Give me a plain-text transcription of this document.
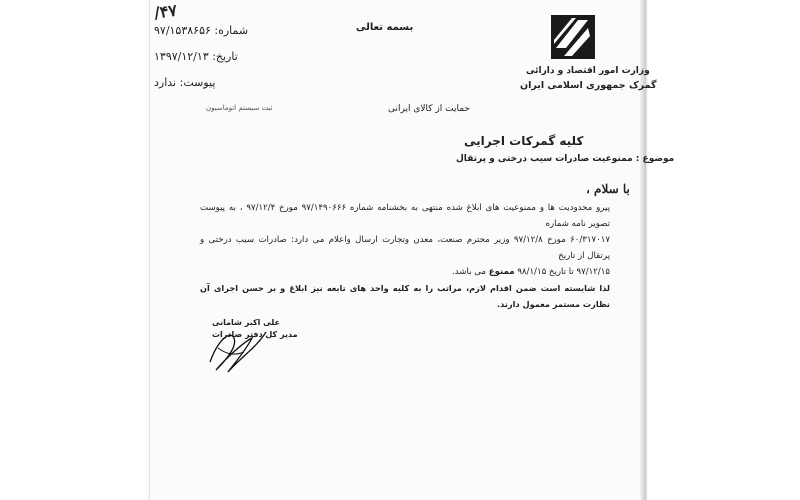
بسمه تعالی
وزارت امور اقتصاد و دارائی
گمرک جمهوری اسلامی ایران
۴۷/
شماره: ۹۷/۱۵۳۸۶۵۶
تاریخ: ۱۳۹۷/۱۲/۱۳
پیوست: ندارد
ثبت سیستم اتوماسیون	حمایت از کالای ایرانی
کلیه گمرکات اجرایی
موضوع : ممنوعیت صادرات سیب درختی و پرتقال
با سلام ،

پیرو محدودیت ها و ممنوعیت های ابلاغ شده منتهی به بخشنامه شماره ۹۷/۱۴۹۰۶۶۶ مورخ ۹۷/۱۲/۴ ، به پیوست تصویر نامه شماره

۶۰/۳۱۷۰۱۷ مورخ ۹۷/۱۲/۸ وزیر محترم صنعت، معدن وتجارت ارسال واعلام می دارد: صادرات سیب درختی و پرتقال از تاریخ

۹۷/۱۲/۱۵ تا تاریخ ۹۸/۱/۱۵ ممنوع می باشد.

لذا شایسته است ضمن اقدام لازم، مراتب را به کلیه واحد های تابعه نیز ابلاغ و بر حسن اجرای آن نظارت مستمر معمول دارند.

علی اکبر شامانی
مدیر کل دفتر صادرات
